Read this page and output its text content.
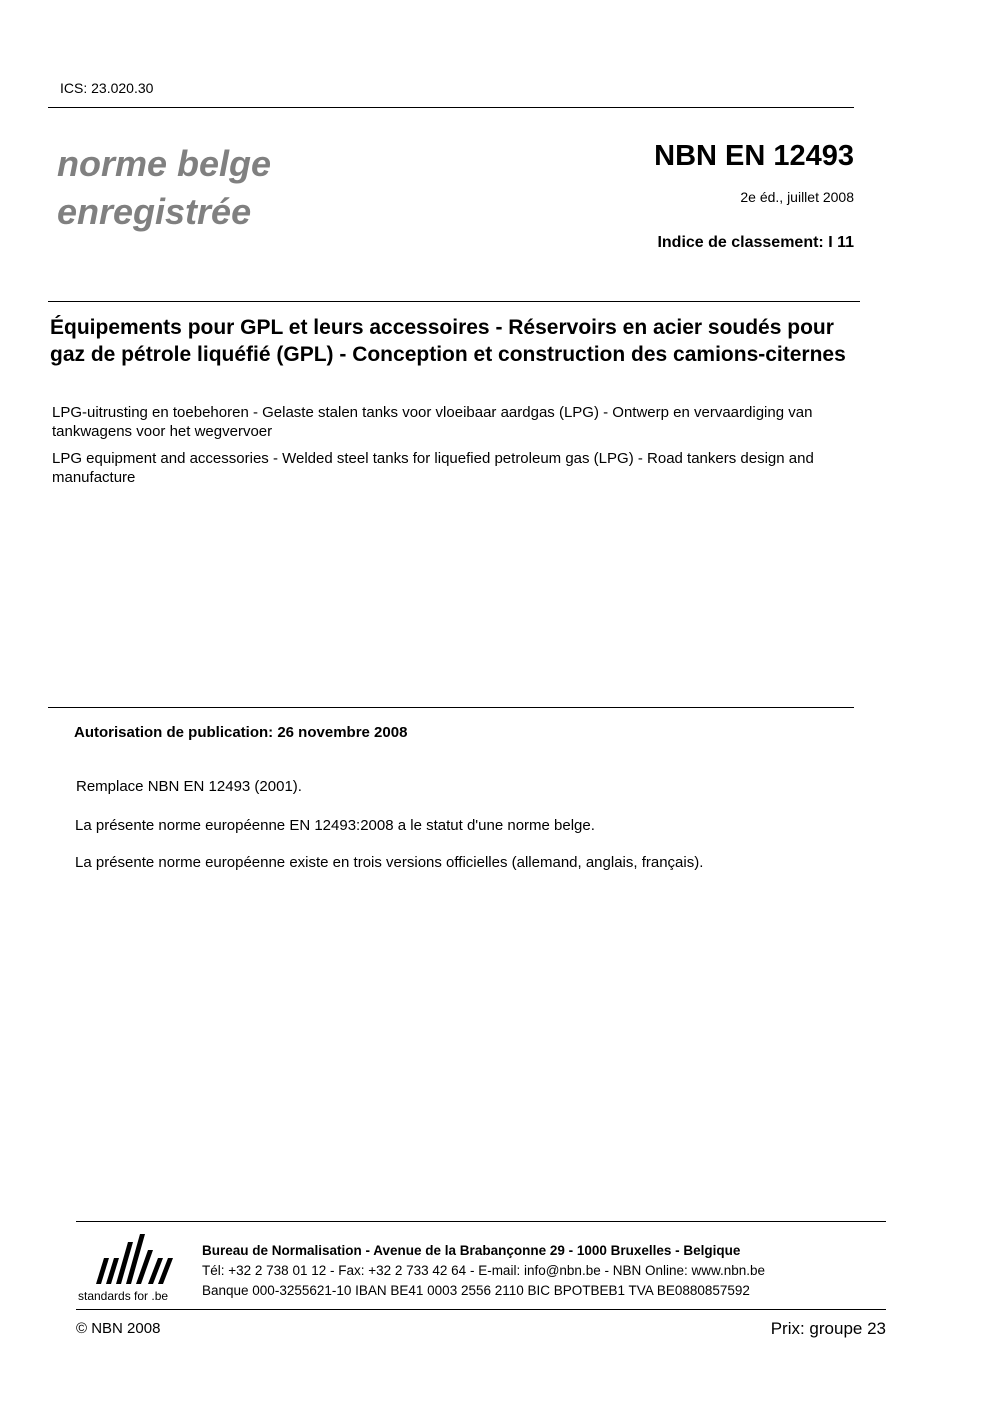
ICS: 23.020.30
norme belge
enregistrée
NBN EN 12493
2e éd., juillet 2008
Indice de classement: I 11
Équipements pour GPL et leurs accessoires - Réservoirs en acier soudés pour gaz de pétrole liquéfié (GPL) - Conception et construction des camions-citernes
LPG-uitrusting en toebehoren - Gelaste stalen tanks voor vloeibaar aardgas (LPG) - Ontwerp en vervaardiging van tankwagens voor het wegvervoer
LPG equipment and accessories - Welded steel tanks for liquefied petroleum gas (LPG) - Road tankers design and manufacture
Autorisation de publication: 26 novembre 2008
Remplace NBN EN 12493 (2001).
La présente norme européenne EN 12493:2008 a le statut d'une norme belge.
La présente norme européenne existe en trois versions officielles (allemand, anglais, français).
standards for .be
Bureau de Normalisation - Avenue de la Brabançonne 29 - 1000 Bruxelles - Belgique
Tél: +32 2 738 01 12 - Fax: +32 2 733 42 64 - E-mail: info@nbn.be - NBN Online: www.nbn.be
Banque 000-3255621-10 IBAN BE41 0003 2556 2110 BIC BPOTBEB1 TVA BE0880857592
© NBN 2008	Prix: groupe 23
